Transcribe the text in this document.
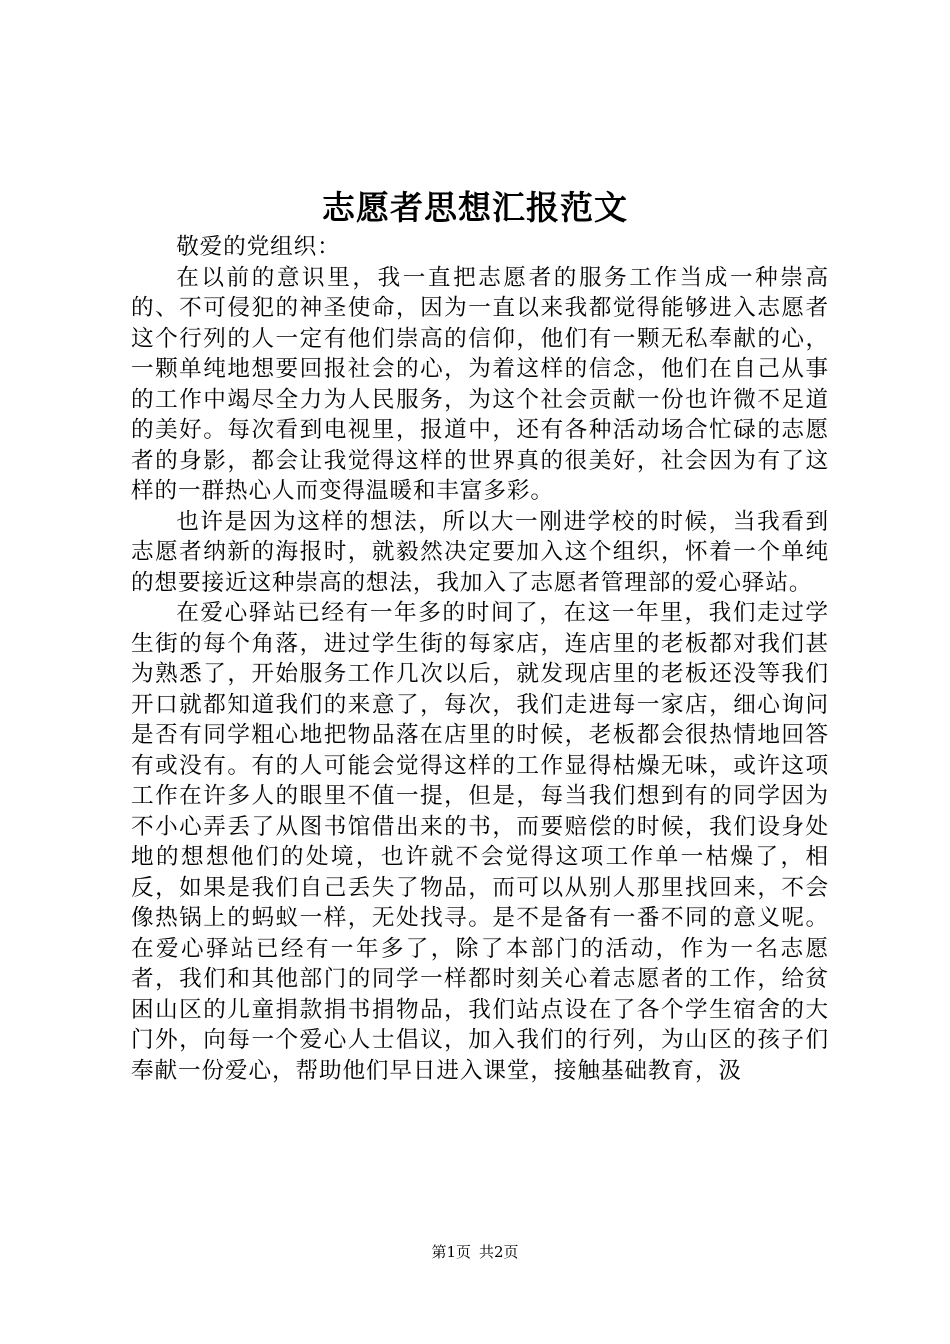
志愿者思想汇报范文

敬爱的党组织：

在以前的意识里，我一直把志愿者的服务工作当成一种崇高的、不可侵犯的神圣使命，因为一直以来我都觉得能够进入志愿者这个行列的人一定有他们崇高的信仰，他们有一颗无私奉献的心，一颗单纯地想要回报社会的心，为着这样的信念，他们在自己从事的工作中竭尽全力为人民服务，为这个社会贡献一份也许微不足道的美好。每次看到电视里，报道中，还有各种活动场合忙碌的志愿者的身影，都会让我觉得这样的世界真的很美好，社会因为有了这样的一群热心人而变得温暖和丰富多彩。

也许是因为这样的想法，所以大一刚进学校的时候，当我看到志愿者纳新的海报时，就毅然决定要加入这个组织，怀着一个单纯的想要接近这种崇高的想法，我加入了志愿者管理部的爱心驿站。

在爱心驿站已经有一年多的时间了，在这一年里，我们走过学生街的每个角落，进过学生街的每家店，连店里的老板都对我们甚为熟悉了，开始服务工作几次以后，就发现店里的老板还没等我们开口就都知道我们的来意了，每次，我们走进每一家店，细心询问是否有同学粗心地把物品落在店里的时候，老板都会很热情地回答有或没有。有的人可能会觉得这样的工作显得枯燥无味，或许这项工作在许多人的眼里不值一提，但是，每当我们想到有的同学因为不小心弄丢了从图书馆借出来的书，而要赔偿的时候，我们设身处地的想想他们的处境，也许就不会觉得这项工作单一枯燥了，相反，如果是我们自己丢失了物品，而可以从别人那里找回来，不会像热锅上的蚂蚁一样，无处找寻。是不是备有一番不同的意义呢。在爱心驿站已经有一年多了，除了本部门的活动，作为一名志愿者，我们和其他部门的同学一样都时刻关心着志愿者的工作，给贫困山区的儿童捐款捐书捐物品，我们站点设在了各个学生宿舍的大门外，向每一个爱心人士倡议，加入我们的行列，为山区的孩子们奉献一份爱心，帮助他们早日进入课堂，接触基础教育，汲

第1页 共2页
